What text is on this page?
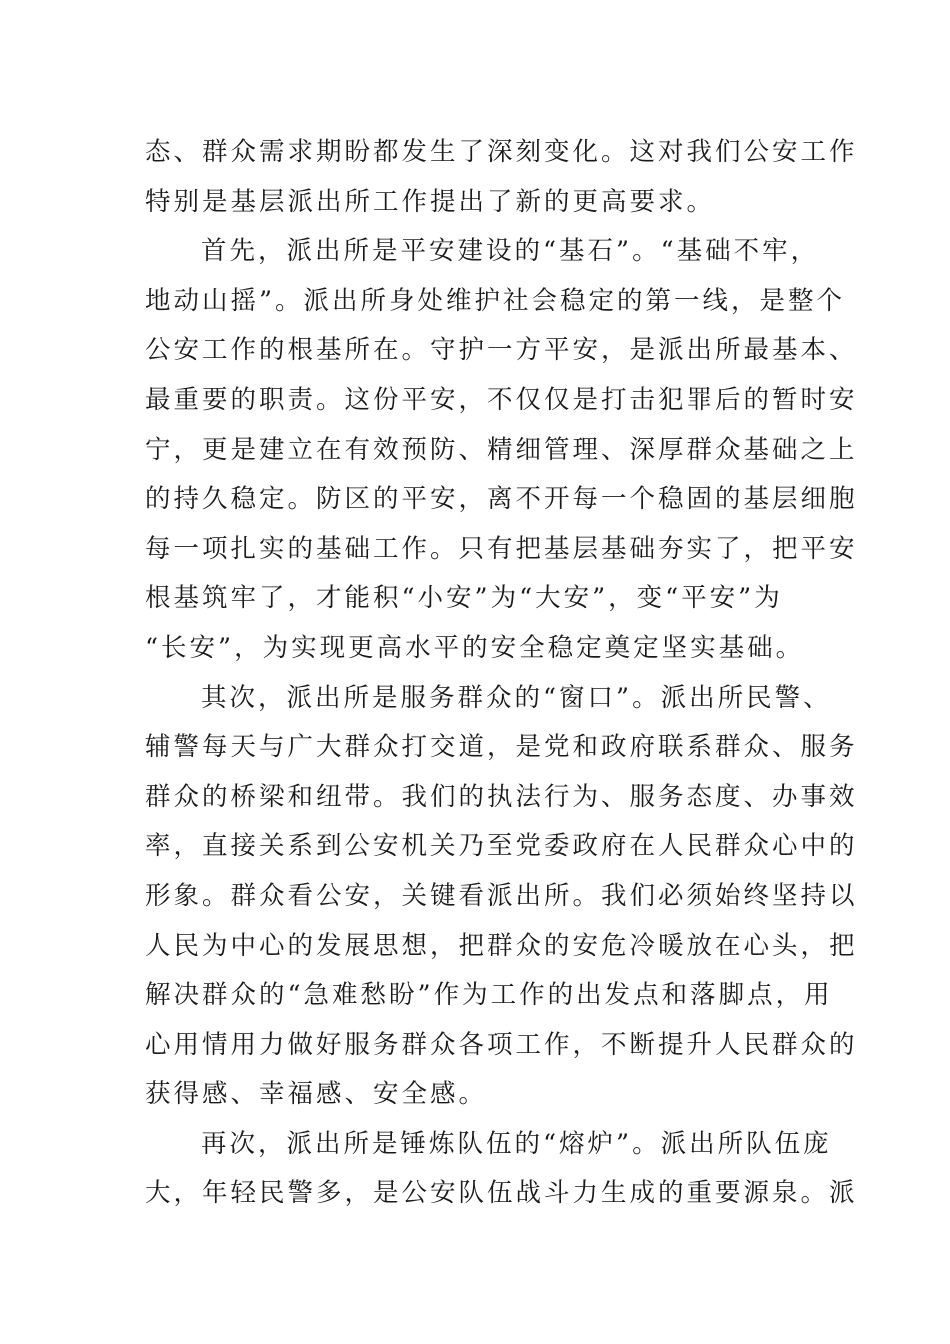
态、群众需求期盼都发生了深刻变化。这对我们公安工作
特别是基层派出所工作提出了新的更高要求。
首先，派出所是平安建设的“基石”。“基础不牢，
地动山摇”。派出所身处维护社会稳定的第一线，是整个
公安工作的根基所在。守护一方平安，是派出所最基本、
最重要的职责。这份平安，不仅仅是打击犯罪后的暂时安
宁，更是建立在有效预防、精细管理、深厚群众基础之上
的持久稳定。防区的平安，离不开每一个稳固的基层细胞
每一项扎实的基础工作。只有把基层基础夯实了，把平安
根基筑牢了，才能积“小安”为“大安”，变“平安”为
“长安”，为实现更高水平的安全稳定奠定坚实基础。
其次，派出所是服务群众的“窗口”。派出所民警、
辅警每天与广大群众打交道，是党和政府联系群众、服务
群众的桥梁和纽带。我们的执法行为、服务态度、办事效
率，直接关系到公安机关乃至党委政府在人民群众心中的
形象。群众看公安，关键看派出所。我们必须始终坚持以
人民为中心的发展思想，把群众的安危冷暖放在心头，把
解决群众的“急难愁盼”作为工作的出发点和落脚点，用
心用情用力做好服务群众各项工作，不断提升人民群众的
获得感、幸福感、安全感。
再次，派出所是锤炼队伍的“熔炉”。派出所队伍庞
大，年轻民警多，是公安队伍战斗力生成的重要源泉。派
